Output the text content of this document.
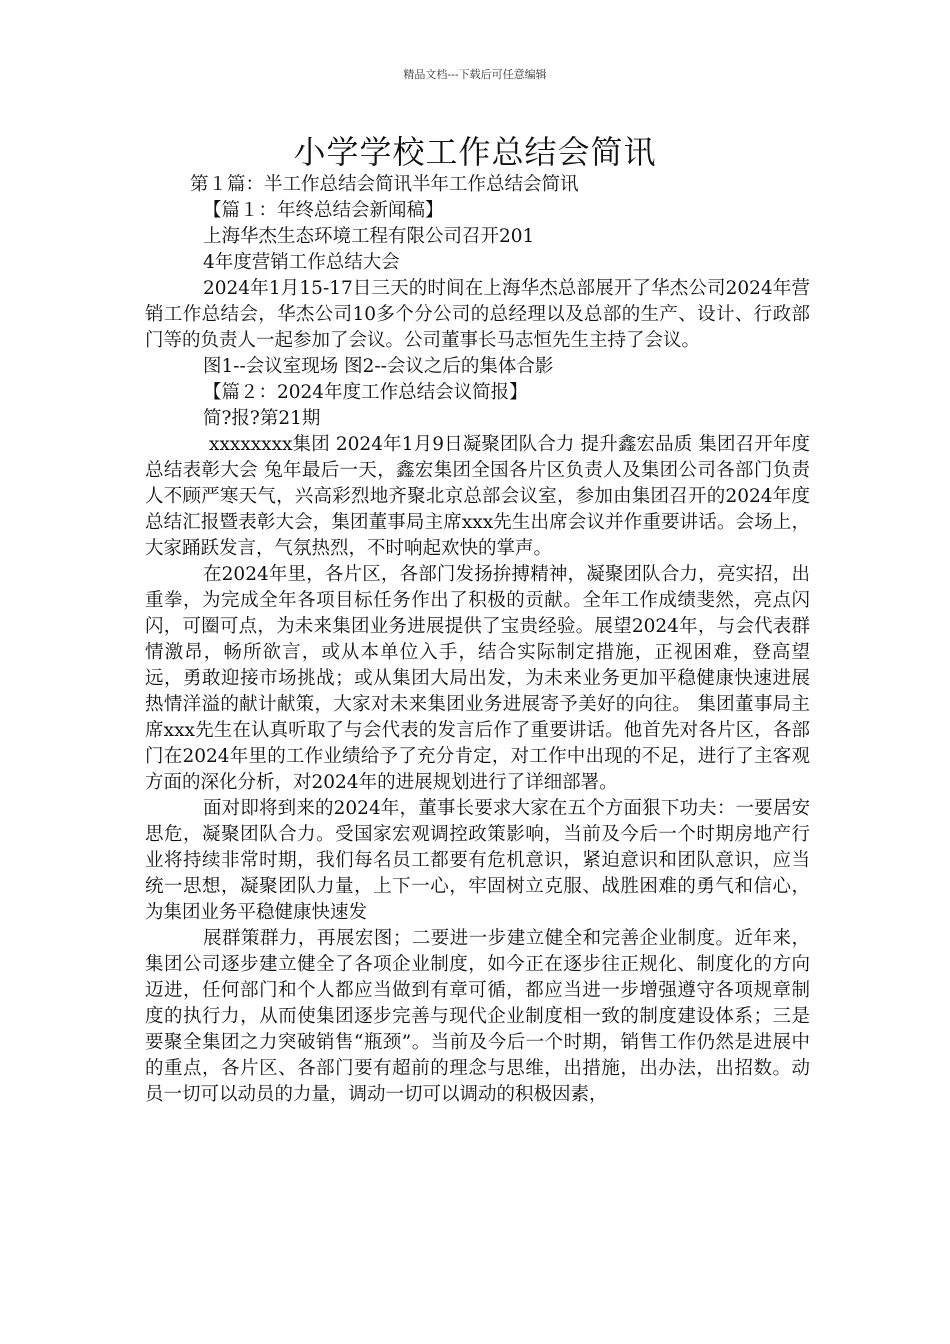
精品文档---下载后可任意编辑
小学学校工作总结会简讯

第１篇：半工作总结会简讯半年工作总结会简讯

【篇１：年终总结会新闻稿】

上海华杰生态环境工程有限公司召开201

4年度营销工作总结大会

2024年1月15-17日三天的时间在上海华杰总部展开了华杰公司2024年营销工作总结会，华杰公司10多个分公司的总经理以及总部的生产、设计、行政部门等的负责人一起参加了会议。公司董事长马志恒先生主持了会议。

图1--会议室现场 图2--会议之后的集体合影

【篇２：2024年度工作总结会议简报】

简?报?第21期

xxxxxxxx集团 2024年1月9日凝聚团队合力 提升鑫宏品质 集团召开年度总结表彰大会 兔年最后一天，鑫宏集团全国各片区负责人及集团公司各部门负责人不顾严寒天气，兴高彩烈地齐聚北京总部会议室，参加由集团召开的2024年度总结汇报暨表彰大会，集团董事局主席xxx先生出席会议并作重要讲话。会场上，大家踊跃发言，气氛热烈，不时响起欢快的掌声。

在2024年里，各片区，各部门发扬拚搏精神，凝聚团队合力，亮实招，出重拳，为完成全年各项目标任务作出了积极的贡献。全年工作成绩斐然，亮点闪闪，可圈可点，为未来集团业务进展提供了宝贵经验。展望2024年，与会代表群情激昂，畅所欲言，或从本单位入手，结合实际制定措施，正视困难，登高望远，勇敢迎接市场挑战；或从集团大局出发，为未来业务更加平稳健康快速进展热情洋溢的献计献策，大家对未来集团业务进展寄予美好的向往。 集团董事局主席xxx先生在认真听取了与会代表的发言后作了重要讲话。他首先对各片区，各部门在2024年里的工作业绩给予了充分肯定，对工作中出现的不足，进行了主客观方面的深化分析，对2024年的进展规划进行了详细部署。

面对即将到来的2024年，董事长要求大家在五个方面狠下功夫：一要居安思危，凝聚团队合力。受国家宏观调控政策影响，当前及今后一个时期房地产行业将持续非常时期，我们每名员工都要有危机意识，紧迫意识和团队意识，应当统一思想，凝聚团队力量，上下一心，牢固树立克服、战胜困难的勇气和信心，为集团业务平稳健康快速发

展群策群力，再展宏图；二要进一步建立健全和完善企业制度。近年来，集团公司逐步建立健全了各项企业制度，如今正在逐步往正规化、制度化的方向迈进，任何部门和个人都应当做到有章可循，都应当进一步增强遵守各项规章制度的执行力，从而使集团逐步完善与现代企业制度相一致的制度建设体系；三是要聚全集团之力突破销售“瓶颈”。当前及今后一个时期，销售工作仍然是进展中的重点，各片区、各部门要有超前的理念与思维，出措施，出办法，出招数。动员一切可以动员的力量，调动一切可以调动的积极因素，
